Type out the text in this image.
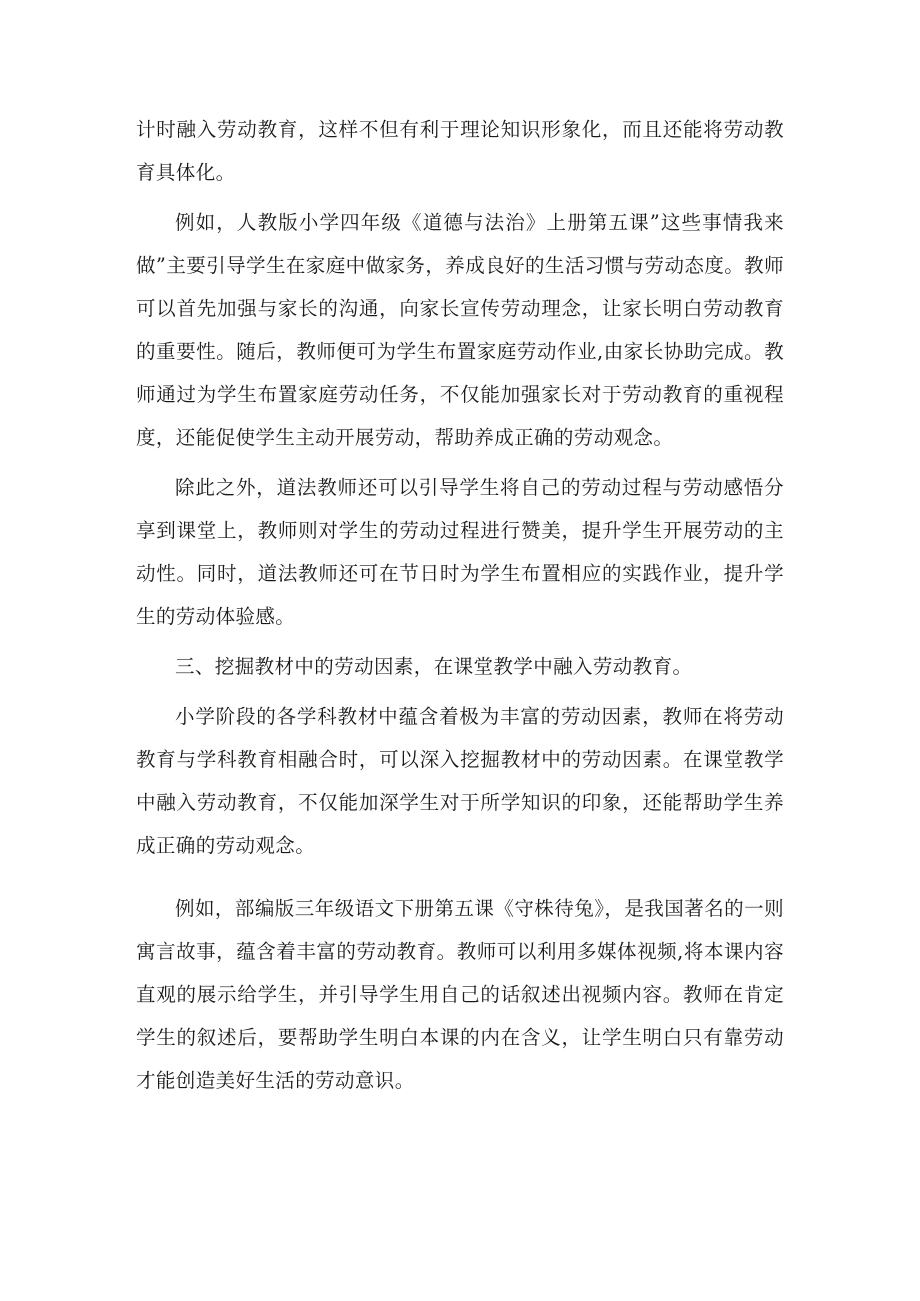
计时融入劳动教育，这样不但有利于理论知识形象化，而且还能将劳动教育具体化。

例如，人教版小学四年级《道德与法治》上册第五课”这些事情我来做”主要引导学生在家庭中做家务，养成良好的生活习惯与劳动态度。教师可以首先加强与家长的沟通，向家长宣传劳动理念，让家长明白劳动教育的重要性。随后，教师便可为学生布置家庭劳动作业,由家长协助完成。教师通过为学生布置家庭劳动任务，不仅能加强家长对于劳动教育的重视程度，还能促使学生主动开展劳动，帮助养成正确的劳动观念。

除此之外，道法教师还可以引导学生将自己的劳动过程与劳动感悟分享到课堂上，教师则对学生的劳动过程进行赞美，提升学生开展劳动的主动性。同时，道法教师还可在节日时为学生布置相应的实践作业，提升学生的劳动体验感。

三、挖掘教材中的劳动因素，在课堂教学中融入劳动教育。

小学阶段的各学科教材中蕴含着极为丰富的劳动因素，教师在将劳动教育与学科教育相融合时，可以深入挖掘教材中的劳动因素。在课堂教学中融入劳动教育，不仅能加深学生对于所学知识的印象，还能帮助学生养成正确的劳动观念。

例如，部编版三年级语文下册第五课《守株待兔》，是我国著名的一则寓言故事，蕴含着丰富的劳动教育。教师可以利用多媒体视频,将本课内容直观的展示给学生，并引导学生用自己的话叙述出视频内容。教师在肯定学生的叙述后，要帮助学生明白本课的内在含义，让学生明白只有靠劳动才能创造美好生活的劳动意识。
